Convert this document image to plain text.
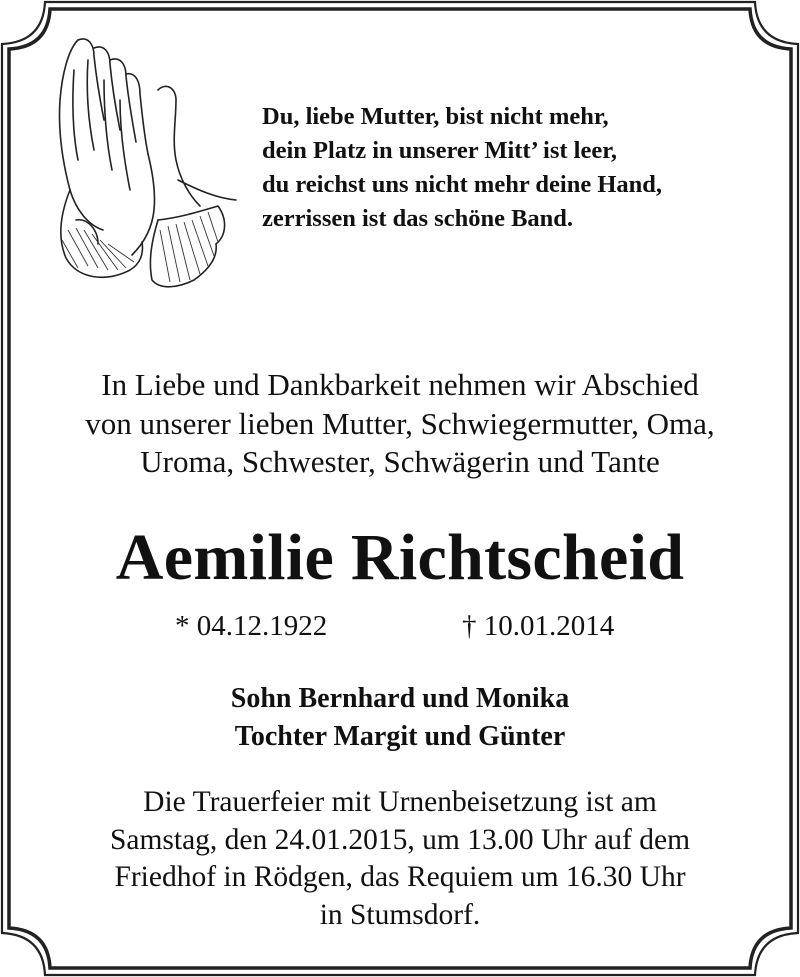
Du, liebe Mutter, bist nicht mehr,
dein Platz in unserer Mitt’ ist leer,
du reichst uns nicht mehr deine Hand,
zerrissen ist das schöne Band.
In Liebe und Dankbarkeit nehmen wir Abschied
von unserer lieben Mutter, Schwiegermutter, Oma,
Uroma, Schwester, Schwägerin und Tante
Aemilie Richtscheid
* 04.12.1922	† 10.01.2014
Sohn Bernhard und Monika
Tochter Margit und Günter
Die Trauerfeier mit Urnenbeisetzung ist am
Samstag, den 24.01.2015, um 13.00 Uhr auf dem
Friedhof in Rödgen, das Requiem um 16.30 Uhr
in Stumsdorf.
